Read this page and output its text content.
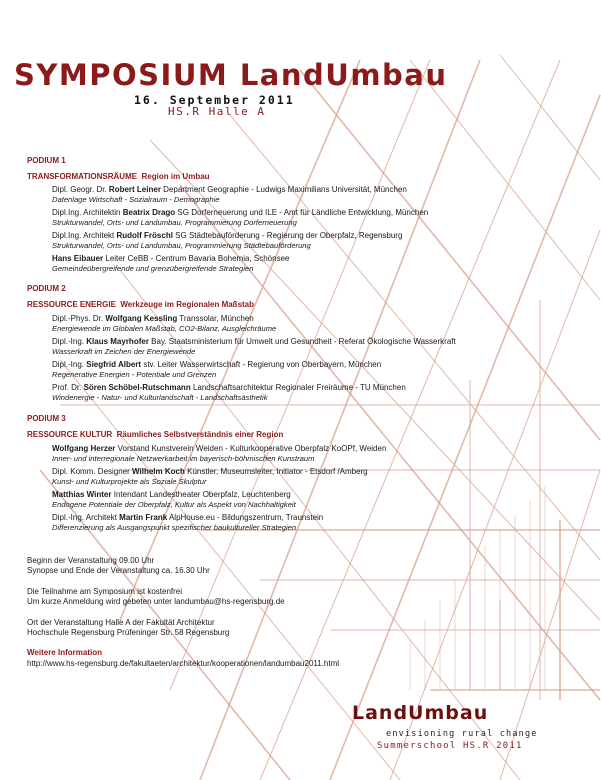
SYMPOSIUM LandUmbau
16. September 2011
HS.R Halle A
PODIUM 1
TRANSFORMATIONSRÄUME Region im Umbau
Dipl. Geogr. Dr. Robert Leiner Department Geographie - Ludwigs Maximilians Universität, München
Datenlage Wirtschaft - Sozialraum - Demographie
Dipl.Ing. Architektin Beatrix Drago SG Dorferneuerung und ILE - Amt für Ländliche Entwicklung, München
Strukturwandel, Orts- und Landumbau, Programmierung Dorferneuerung
Dipl.Ing. Architekt Rudolf Fröschl SG Städtebauförderung - Regierung der Oberpfalz, Regensburg
Strukturwandel, Orts- und Landumbau, Programmierung Städtebauförderung
Hans Eibauer Leiter CeBB - Centrum Bavaria Bohemia, Schönsee
Gemeindeübergreifende und grenzübergreifende Strategien
PODIUM 2
RESSOURCE ENERGIE Werkzeuge im Regionalen Maßstab
Dipl.-Phys. Dr. Wolfgang Kessling Transsolar, München
Energiewende im Globalen Maßstab, CO2-Bilanz, Ausgleichräume
Dipl.-Ing. Klaus Mayrhofer Bay. Staatsministerium für Umwelt und Gesundheit - Referat Ökologische Wasserkraft
Wasserkraft im Zeichen der Energiewende
Dipl.-Ing. Siegfrid Albert stv. Leiter Wasserwirtschaft - Regierung von Oberbayern, München
Regenerative Energien - Potentiale und Grenzen
Prof. Dr. Sören Schöbel-Rutschmann Landschaftsarchitektur Regionaler Freiräume - TU München
Windenergie - Natur- und Kulturlandschaft - Landschaftsästhetik
PODIUM 3
RESSOURCE KULTUR Räumliches Selbstverständnis einer Region
Wolfgang Herzer Vorstand Kunstverein Weiden - Kulturkooperative Oberpfalz KoOPf, Weiden
Inner- und interregionale Netzwerkarbeit im bayerisch-böhmischen Kunstraum
Dipl. Komm. Designer Wilhelm Koch Künstler, Museumsleiter, Initiator - Etsdorf /Amberg
Kunst- und Kulturprojekte als Soziale Skulptur
Matthias Winter Intendant Landestheater Oberpfalz, Leuchtenberg
Endogene Potentiale der Oberpfalz, Kultur als Aspekt von Nachhaltigkeit
Dipl.-Ing. Architekt Martin Frank AlpHouse.eu - Bildungszentrum, Traunstein
Differenzierung als Ausgangspunkt spezifischer baukultureller Strategien
Beginn der Veranstaltung 09.00 Uhr
Synopse und Ende der Veranstaltung ca. 16.30 Uhr
Die Teilnahme am Symposium ist kostenfrei
Um kurze Anmeldung wird gebeten unter landumbau@hs-regensburg.de
Ort der Veranstaltung Halle A der Fakultät Architektur
Hochschule Regensburg Prüfeninger Str. 58 Regensburg
Weitere Information
http://www.hs-regensburg.de/fakultaeten/architektur/kooperationen/landumbau2011.html
LandUmbau
envisioning rural change
Summerschool HS.R 2011
